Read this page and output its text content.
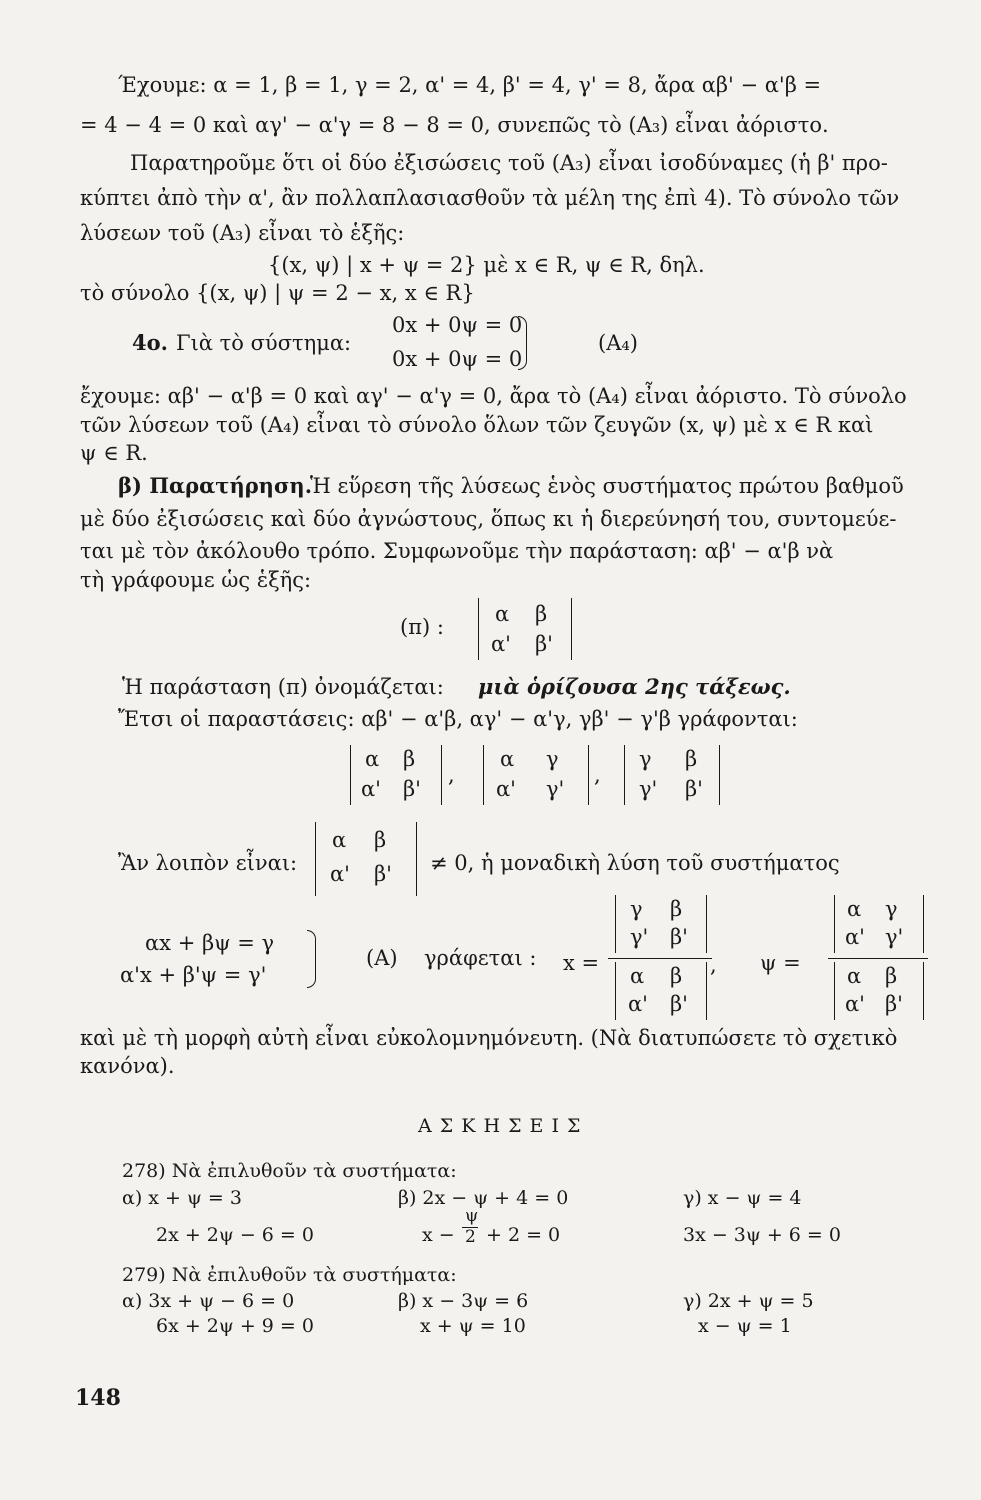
Έχουμε: α = 1, β = 1, γ = 2, α' = 4, β' = 4, γ' = 8, ἄρα αβ' − α'β =
= 4 − 4 = 0 καὶ αγ' − α'γ = 8 − 8 = 0, συνεπῶς τὸ (Α₃) εἶναι ἀόριστο.
Παρατηροῦμε ὅτι οἱ δύο ἐξισώσεις τοῦ (Α₃) εἶναι ἰσοδύναμες (ἡ β' προ-
κύπτει ἀπὸ τὴν α', ἂν πολλαπλασιασθοῦν τὰ μέλη της ἐπὶ 4). Τὸ σύνολο τῶν
λύσεων τοῦ (Α₃) εἶναι τὸ ἑξῆς:
{(x, ψ) | x + ψ = 2} μὲ x ∈ R, ψ ∈ R, δηλ.
τὸ σύνολο {(x, ψ) | ψ = 2 − x, x ∈ R}
4ο. Γιὰ τὸ σύστημα:
0x + 0ψ = 0
0x + 0ψ = 0
(Α₄)
ἔχουμε: αβ' − α'β = 0 καὶ αγ' − α'γ = 0, ἄρα τὸ (Α₄) εἶναι ἀόριστο. Τὸ σύνολο
τῶν λύσεων τοῦ (Α₄) εἶναι τὸ σύνολο ὅλων τῶν ζευγῶν (x, ψ) μὲ x ∈ R καὶ
ψ ∈ R.
β) Παρατήρηση.
Ἡ εὕρεση τῆς λύσεως ἑνὸς συστήματος πρώτου βαθμοῦ
μὲ δύο ἐξισώσεις καὶ δύο ἀγνώστους, ὅπως κι ἡ διερεύνησή του, συντομεύε-
ται μὲ τὸν ἀκόλουθο τρόπο. Συμφωνοῦμε τὴν παράσταση: αβ' − α'β νὰ
τὴ γράφουμε ὡς ἑξῆς:
(π) :
α β
α' β'
Ἡ παράσταση (π) ὀνομάζεται: μιὰ ὁρίζουσα 2ης τάξεως.
Ἔτσι οἱ παραστάσεις: αβ' − α'β, αγ' − α'γ, γβ' − γ'β γράφονται:
α β
α' β'
,
α γ
α' γ'
,
γ β
γ' β'
Ἂν λοιπὸν εἶναι:
α β
α' β' ≠ 0, ἡ μοναδικὴ λύση τοῦ συστήματος
αx + βψ = γ
α'x + β'ψ = γ'
(Α) γράφεται : x =
γ β
γ' β'
α β
α' β'
, ψ =
α γ
α' γ'
α β
α' β'
καὶ μὲ τὴ μορφὴ αὐτὴ εἶναι εὐκολομνημόνευτη. (Νὰ διατυπώσετε τὸ σχετικὸ
κανόνα).
Α Σ Κ Η Σ Ε Ι Σ
278) Νὰ ἐπιλυθοῦν τὰ συστήματα:
α) x + ψ = 3
2x + 2ψ − 6 = 0
β) 2x − ψ + 4 = 0
x −
ψ
2 + 2 = 0
γ) x − ψ = 4
3x − 3ψ + 6 = 0
279) Νὰ ἐπιλυθοῦν τὰ συστήματα:
α) 3x + ψ − 6 = 0
6x + 2ψ + 9 = 0
β) x − 3ψ = 6
x + ψ = 10
γ) 2x + ψ = 5
x − ψ = 1
148
